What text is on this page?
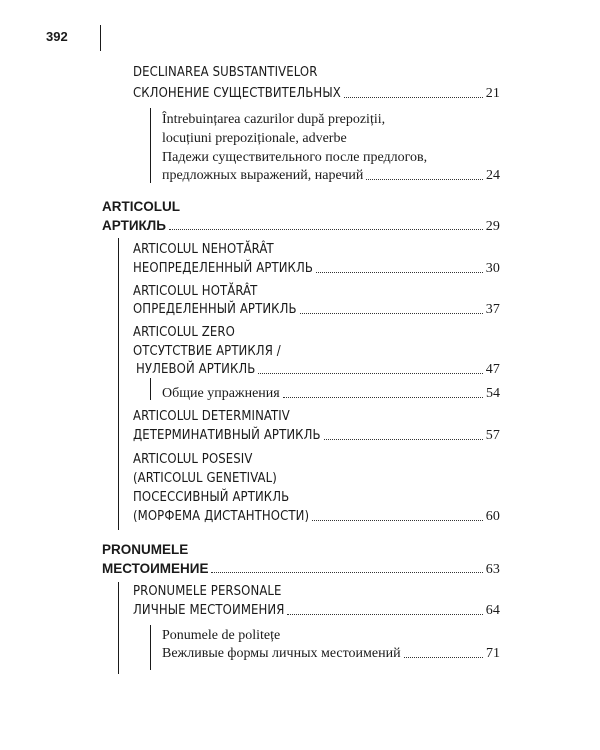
392
DECLINAREA SUBSTANTIVELOR
СКЛОНЕНИЕ СУЩЕСТВИТЕЛЬНЫХ	21
Întrebuințarea cazurilor după prepoziții,
locuțiuni prepoziționale, adverbe
Падежи существительного после предлогов,
предложных выражений, наречий	24
ARTICOLUL
АРТИКЛЬ	29
ARTICOLUL NEHOTĂRÂT
НЕОПРЕДЕЛЕННЫЙ АРТИКЛЬ	30
ARTICOLUL HOTĂRÂT
ОПРЕДЕЛЕННЫЙ АРТИКЛЬ	37
ARTICOLUL ZERO
ОТСУТСТВИЕ АРТИКЛЯ /
НУЛЕВОЙ АРТИКЛЬ	47
Общие упражнения	54
ARTICOLUL DETERMINATIV
ДЕТЕРМИНАТИВНЫЙ АРТИКЛЬ	57
ARTICOLUL POSESIV
(ARTICOLUL GENETIVAL)
ПОСЕССИВНЫЙ АРТИКЛЬ
(МОРФЕМА ДИСТАНТНОСТИ)	60
PRONUMELE
МЕСТОИМЕНИЕ	63
PRONUMELE PERSONALE
ЛИЧНЫЕ МЕСТОИМЕНИЯ	64
Ponumele de politețe
Вежливые формы личных местоимений	71
